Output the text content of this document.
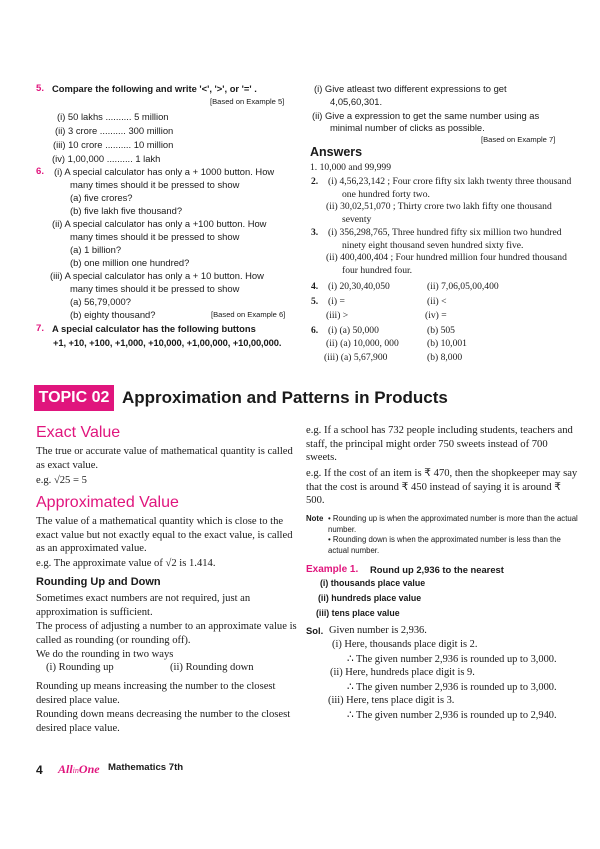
5. Compare the following and write '<', '>', or '=' .
[Based on Example 5]
(i) 50 lakhs .......... 5 million
(ii) 3 crore .......... 300 million
(iii) 10 crore .......... 10 million
(iv) 1,00,000 .......... 1 lakh
6. (i) A special calculator has only a + 1000 button. How
many times should it be pressed to show
(a) five crores?
(b) five lakh five thousand?
(ii) A special calculator has only a +100 button. How
many times should it be pressed to show
(a) 1 billion?
(b) one million one hundred?
(iii) A special calculator has only a + 10 button. How
many times should it be pressed to show
(a) 56,79,000?
(b) eighty thousand?	[Based on Example 6]
7. A special calculator has the following buttons
+1, +10, +100, +1,000, +10,000, +1,00,000, +10,00,000.
(i) Give atleast two different expressions to get
4,05,60,301.
(ii) Give a expression to get the same number using as
minimal number of clicks as possible.
[Based on Example 7]
Answers
1. 10,000 and 99,999
2. (i) 4,56,23,142 ; Four crore fifty six lakh twenty three thousand
one hundred forty two.
(ii) 30,02,51,070 ; Thirty crore two lakh fifty one thousand
seventy
3. (i) 356,298,765, Three hundred fifty six million two hundred
ninety eight thousand seven hundred sixty five.
(ii) 400,400,404 ; Four hundred million four hundred thousand
four hundred four.
4. (i) 20,30,40,050	(ii) 7,06,05,00,400
5. (i) =	(ii) <
(iii) >	(iv) =
6. (i) (a) 50,000	(b) 505
(ii) (a) 10,000, 000	(b) 10,001
(iii) (a) 5,67,900	(b) 8,000
TOPIC 02 Approximation and Patterns in Products
Exact Value
The true or accurate value of mathematical quantity is called as exact value.
e.g. √25 = 5
Approximated Value
The value of a mathematical quantity which is close to the exact value but not exactly equal to the exact value, is called as an approximated value.
e.g. The approximate value of √2 is 1.414.
Rounding Up and Down
Sometimes exact numbers are not required, just an approximation is sufficient.
The process of adjusting a number to an approximate value is called as rounding (or rounding off).
We do the rounding in two ways
(i) Rounding up	(ii) Rounding down
Rounding up means increasing the number to the closest desired place value.
Rounding down means decreasing the number to the closest desired place value.
e.g. If a school has 732 people including students, teachers and staff, the principal might order 750 sweets instead of 700 sweets.
e.g. If the cost of an item is ₹ 470, then the shopkeeper may say that the cost is around ₹ 450 instead of saying it is around ₹ 500.
Note • Rounding up is when the approximated number is more than the actual number.
• Rounding down is when the approximated number is less than the actual number.
Example 1. Round up 2,936 to the nearest
(i) thousands place value
(ii) hundreds place value
(iii) tens place value
Sol. Given number is 2,936.
(i) Here, thousands place digit is 2.
∴ The given number 2,936 is rounded up to 3,000.
(ii) Here, hundreds place digit is 9.
∴ The given number 2,936 is rounded up to 3,000.
(iii) Here, tens place digit is 3.
∴ The given number 2,936 is rounded up to 2,940.
4 AllinOne Mathematics 7th
